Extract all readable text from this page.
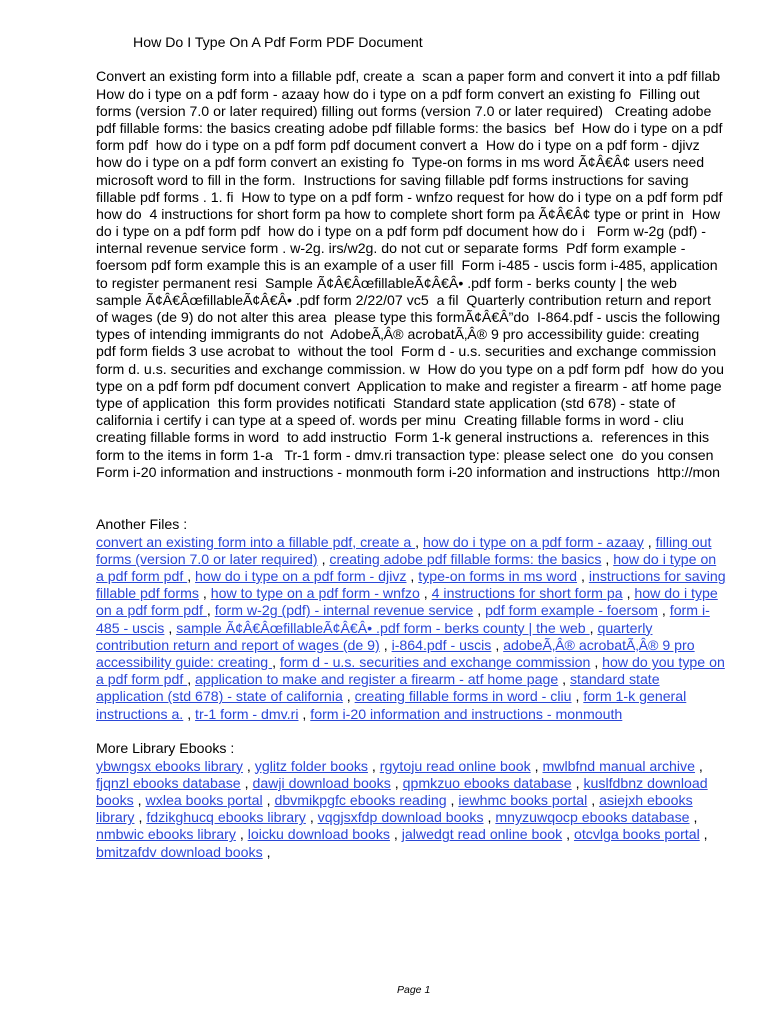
How Do I Type On A Pdf Form PDF Document
Convert an existing form into a fillable pdf, create a  scan a paper form and convert it into a pdf fillab
How do i type on a pdf form - azaay how do i type on a pdf form convert an existing fo  Filling out
forms (version 7.0 or later required) filling out forms (version 7.0 or later required)   Creating adobe
pdf fillable forms: the basics creating adobe pdf fillable forms: the basics  bef  How do i type on a pdf
form pdf  how do i type on a pdf form pdf document convert a  How do i type on a pdf form - djivz
how do i type on a pdf form convert an existing fo  Type-on forms in ms word Ã¢Â€Â¢ users need
microsoft word to fill in the form.  Instructions for saving fillable pdf forms instructions for saving
fillable pdf forms . 1. fi  How to type on a pdf form - wnfzo request for how do i type on a pdf form pdf
how do  4 instructions for short form pa how to complete short form pa Ã¢Â€Â¢ type or print in  How
do i type on a pdf form pdf  how do i type on a pdf form pdf document how do i   Form w-2g (pdf) -
internal revenue service form . w-2g. irs/w2g. do not cut or separate forms  Pdf form example -
foersom pdf form example this is an example of a user fill  Form i-485 - uscis form i-485, application
to register permanent resi  Sample Ã¢Â€ÂœfillableÃ¢Â€Â• .pdf form - berks county | the web
sample Ã¢Â€ÂœfillableÃ¢Â€Â• .pdf form 2/22/07 vc5  a fil  Quarterly contribution return and report
of wages (de 9) do not alter this area  please type this formÃ¢Â€Â”do  I-864.pdf - uscis the following
types of intending immigrants do not  AdobeÃ‚Â® acrobatÃ‚Â® 9 pro accessibility guide: creating
pdf form fields 3 use acrobat to  without the tool  Form d - u.s. securities and exchange commission
form d. u.s. securities and exchange commission. w  How do you type on a pdf form pdf  how do you
type on a pdf form pdf document convert  Application to make and register a firearm - atf home page
type of application  this form provides notificati  Standard state application (std 678) - state of
california i certify i can type at a speed of. words per minu  Creating fillable forms in word - cliu
creating fillable forms in word  to add instructio  Form 1-k general instructions a.  references in this
form to the items in form 1-a   Tr-1 form - dmv.ri transaction type: please select one  do you consen
Form i-20 information and instructions - monmouth form i-20 information and instructions  http://mon
Another Files :
convert an existing form into a fillable pdf, create a , how do i type on a pdf form - azaay , filling out forms (version 7.0 or later required) , creating adobe pdf fillable forms: the basics , how do i type on a pdf form pdf , how do i type on a pdf form - djivz , type-on forms in ms word , instructions for saving fillable pdf forms , how to type on a pdf form - wnfzo , 4 instructions for short form pa , how do i type on a pdf form pdf , form w-2g (pdf) - internal revenue service , pdf form example - foersom , form i-485 - uscis , sample Ã¢Â€ÂœfillableÃ¢Â€Â• .pdf form - berks county | the web , quarterly contribution return and report of wages (de 9) , i-864.pdf - uscis , adobeÃ‚Â® acrobatÃ‚Â® 9 pro accessibility guide: creating , form d - u.s. securities and exchange commission , how do you type on a pdf form pdf , application to make and register a firearm - atf home page , standard state application (std 678) - state of california , creating fillable forms in word - cliu , form 1-k general instructions a. , tr-1 form - dmv.ri , form i-20 information and instructions - monmouth
More Library Ebooks :
ybwngsx ebooks library , yglitz folder books , rgytoju read online book , mwlbfnd manual archive , fjqnzl ebooks database , dawji download books , qpmkzuo ebooks database , kuslfdbnz download books , wxlea books portal , dbvmikpgfc ebooks reading , iewhmc books portal , asiejxh ebooks library , fdzikghucq ebooks library , vqgjsxfdp download books , mnyzuwqocp ebooks database , nmbwic ebooks library , loicku download books , jalwedgt read online book , otcvlga books portal , bmitzafdv download books ,
Page 1
